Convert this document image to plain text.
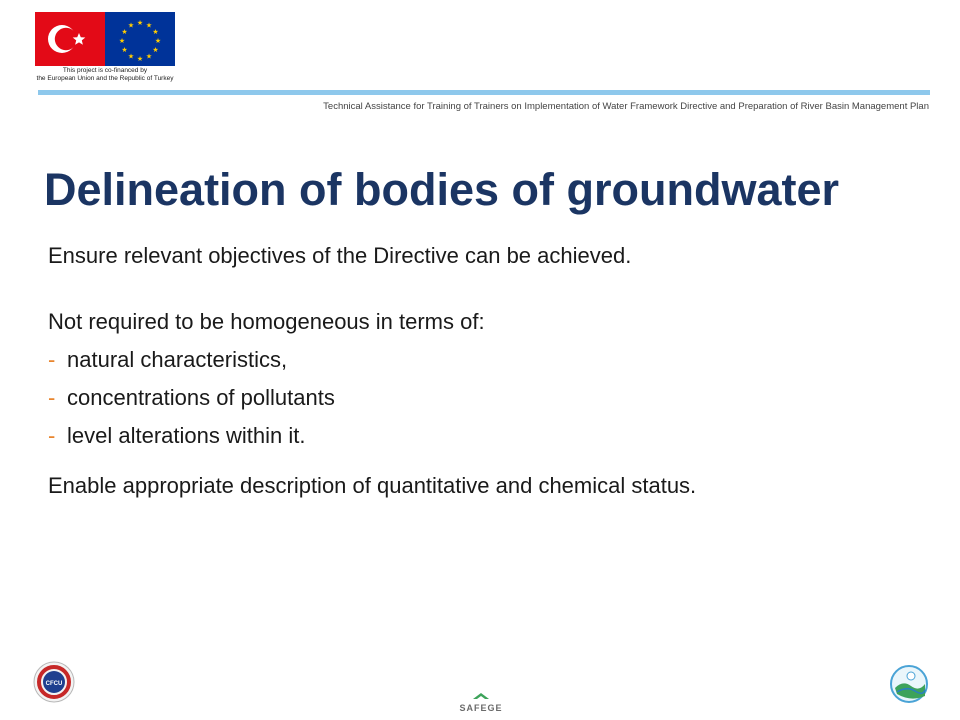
★ ★
★
★
★
★
★
★
★
★
★
★
This project is co-financed by
the European Union and the Republic of Turkey
Technical Assistance for Training of Trainers on Implementation of Water Framework Directive and Preparation of River Basin Management Plan
Delineation of bodies of groundwater

Ensure relevant objectives of the Directive can be achieved.

Not required to be homogeneous in terms of:

- natural characteristics,
- concentrations of pollutants
- level alterations within it.

Enable appropriate description of quantitative and chemical status.

CFCU
SAFEGE
